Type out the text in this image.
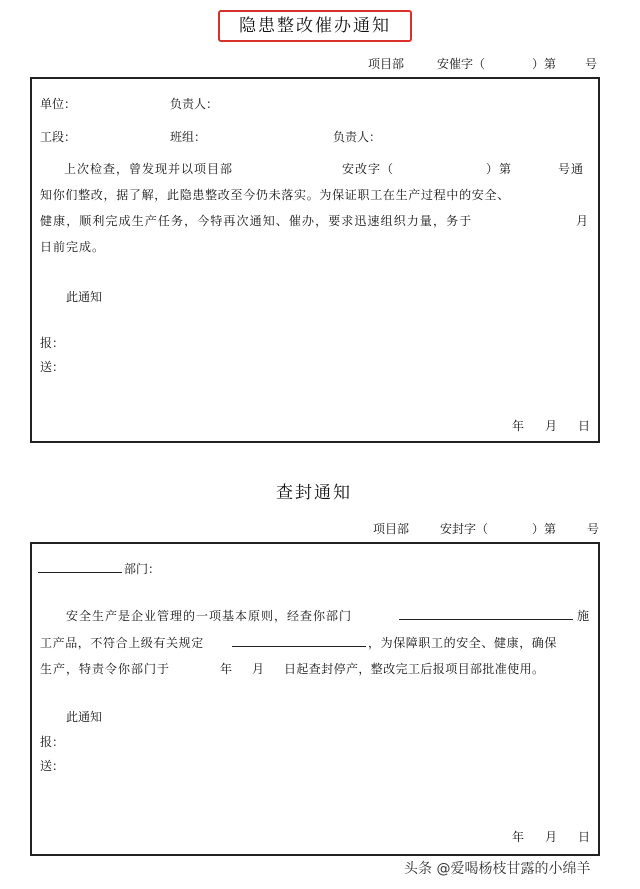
隐患整改催办通知
项目部	安催字（	）第 号
单位：	负责人：
工段：	班组：	负责人：
上次检查，曾发现并以项目部	安改字（	）第	号通
知你们整改，据了解，此隐患整改至今仍未落实。为保证职工在生产过程中的安全、
健康，顺利完成生产任务，今特再次通知、催办，要求迅速组织力量，务于	月
日前完成。
此通知
报：
送：
年 月 日
查封通知
项目部	安封字（	）第	号
部门：
安全生产是企业管理的一项基本原则，经查你部门	施
工产品，不符合上级有关规定	，为保障职工的安全、健康，确保
生产，特责令你部门于	年 月 日起查封停产，整改完工后报项目部批准使用。
此通知
报：
送：
年 月 日
头条 @爱喝杨枝甘露的小绵羊
